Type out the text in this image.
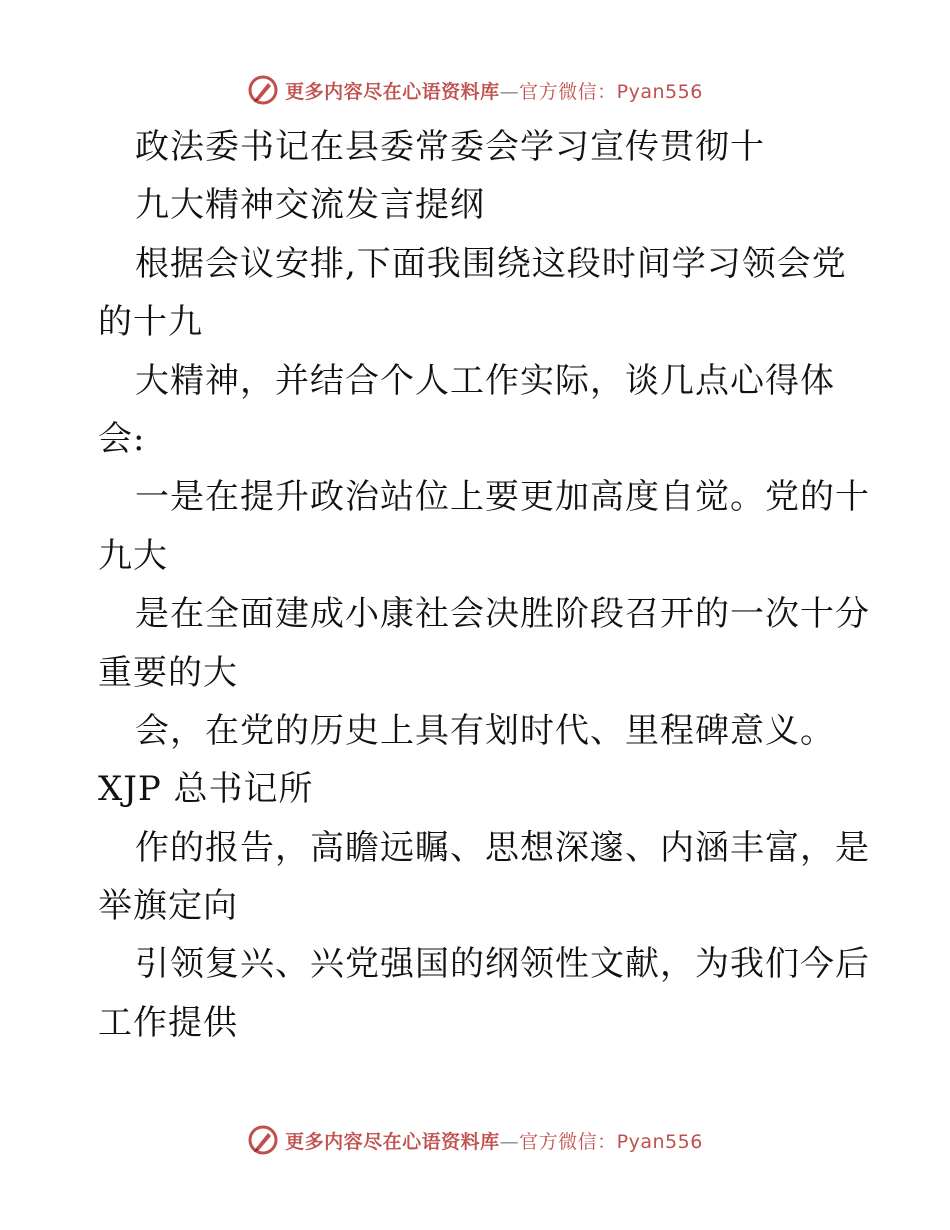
更多内容尽在心语资料库—官方微信：Pyan556
政法委书记在县委常委会学习宣传贯彻十
九大精神交流发言提纲
根据会议安排,下面我围绕这段时间学习领会党
的十九
大精神，并结合个人工作实际，谈几点心得体
会:
一是在提升政治站位上要更加高度自觉。党的十
九大
是在全面建成小康社会决胜阶段召开的一次十分
重要的大
会，在党的历史上具有划时代、里程碑意义。
XJP 总书记所
作的报告，高瞻远瞩、思想深邃、内涵丰富，是
举旗定向
引领复兴、兴党强国的纲领性文献，为我们今后
工作提供
更多内容尽在心语资料库—官方微信：Pyan556
